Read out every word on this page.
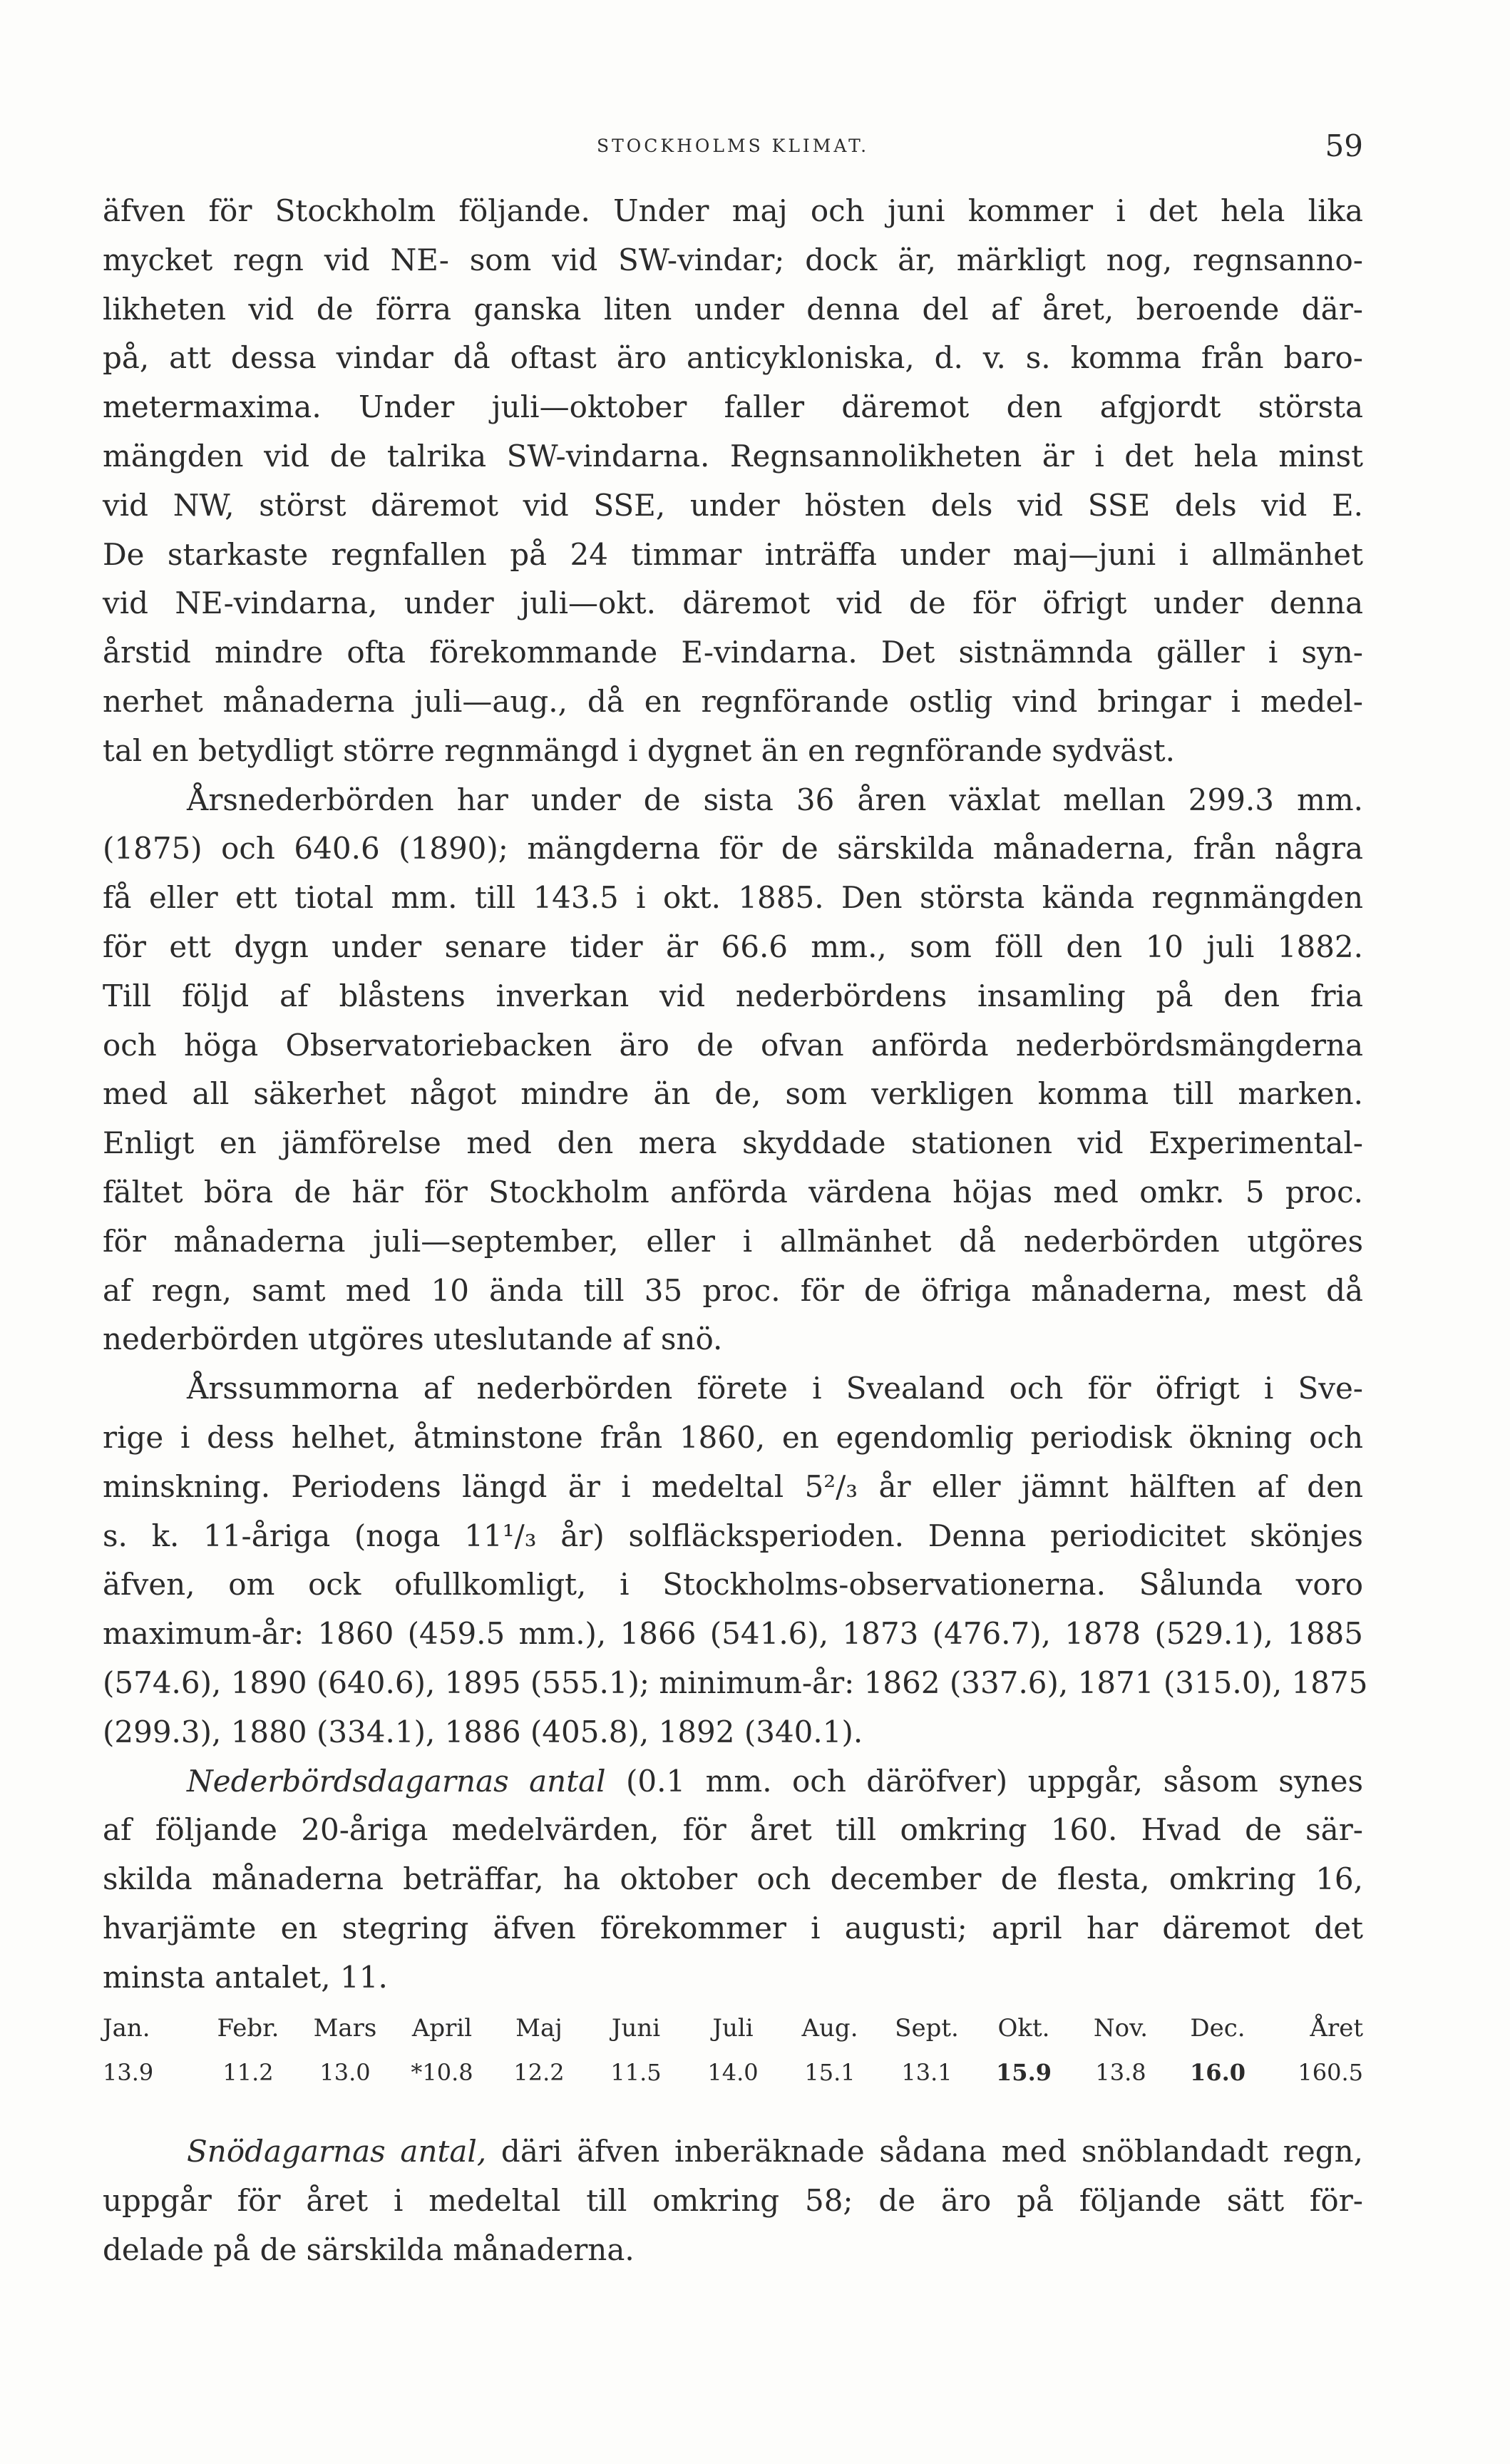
STOCKHOLMS KLIMAT.	59
äfven för Stockholm följande. Under maj och juni kommer i det hela lika
mycket regn vid NE- som vid SW-vindar; dock är, märkligt nog, regnsanno-
likheten vid de förra ganska liten under denna del af året, beroende där-
på, att dessa vindar då oftast äro anticykloniska, d. v. s. komma från baro-
metermaxima. Under juli—oktober faller däremot den afgjordt största
mängden vid de talrika SW-vindarna. Regnsannolikheten är i det hela minst
vid NW, störst däremot vid SSE, under hösten dels vid SSE dels vid E.
De starkaste regnfallen på 24 timmar inträffa under maj—juni i allmänhet
vid NE-vindarna, under juli—okt. däremot vid de för öfrigt under denna
årstid mindre ofta förekommande E-vindarna. Det sistnämnda gäller i syn-
nerhet månaderna juli—aug., då en regnförande ostlig vind bringar i medel-
tal en betydligt större regnmängd i dygnet än en regnförande sydväst.
Årsnederbörden har under de sista 36 åren växlat mellan 299.3 mm.
(1875) och 640.6 (1890); mängderna för de särskilda månaderna, från några
få eller ett tiotal mm. till 143.5 i okt. 1885. Den största kända regnmängden
för ett dygn under senare tider är 66.6 mm., som föll den 10 juli 1882.
Till följd af blåstens inverkan vid nederbördens insamling på den fria
och höga Observatoriebacken äro de ofvan anförda nederbördsmängderna
med all säkerhet något mindre än de, som verkligen komma till marken.
Enligt en jämförelse med den mera skyddade stationen vid Experimental-
fältet böra de här för Stockholm anförda värdena höjas med omkr. 5 proc.
för månaderna juli—september, eller i allmänhet då nederbörden utgöres
af regn, samt med 10 ända till 35 proc. för de öfriga månaderna, mest då
nederbörden utgöres uteslutande af snö.
Årssummorna af nederbörden förete i Svealand och för öfrigt i Sve-
rige i dess helhet, åtminstone från 1860, en egendomlig periodisk ökning och
minskning. Periodens längd är i medeltal 5²/₃ år eller jämnt hälften af den
s. k. 11-åriga (noga 11¹/₃ år) solfläcksperioden. Denna periodicitet skönjes
äfven, om ock ofullkomligt, i Stockholms-observationerna. Sålunda voro
maximum-år: 1860 (459.5 mm.), 1866 (541.6), 1873 (476.7), 1878 (529.1), 1885
(574.6), 1890 (640.6), 1895 (555.1); minimum-år: 1862 (337.6), 1871 (315.0), 1875
(299.3), 1880 (334.1), 1886 (405.8), 1892 (340.1).
Nederbördsdagarnas antal (0.1 mm. och däröfver) uppgår, såsom synes
af följande 20-åriga medelvärden, för året till omkring 160. Hvad de sär-
skilda månaderna beträffar, ha oktober och december de flesta, omkring 16,
hvarjämte en stegring äfven förekommer i augusti; april har däremot det
minsta antalet, 11.
Jan.	Febr.	Mars	April	Maj	Juni	Juli	Aug.	Sept.	Okt.	Nov.	Dec.	Året
13.9	11.2	13.0	*10.8	12.2	11.5	14.0	15.1	13.1	15.9	13.8	16.0	160.5
Snödagarnas antal, däri äfven inberäknade sådana med snöblandadt regn,
uppgår för året i medeltal till omkring 58; de äro på följande sätt för-
delade på de särskilda månaderna.
